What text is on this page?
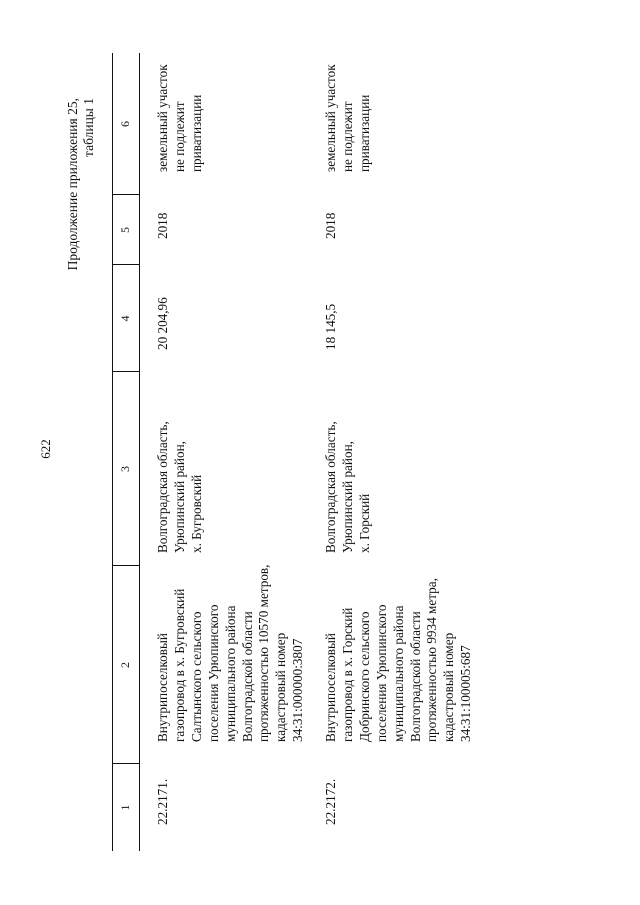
622
Продолжение приложения 25, таблицы 1
1
2
3
4
5
6
22.2171.
Внутрипоселковый
газопровод в х. Бугровский
Салтынского сельского
поселения Урюпинского
муниципального района
Волгоградской области
протяженностью 10570 метров,
кадастровый номер
34:31:000000:3807
Волгоградская область,
Урюпинский район,
х. Бугровский
20 204,96
2018
земельный участок
не подлежит
приватизации
22.2172.
Внутрипоселковый
газопровод в х. Горский
Добринского сельского
поселения Урюпинского
муниципального района
Волгоградской области
протяженностью 9934 метра,
кадастровый номер
34:31:100005:687
Волгоградская область,
Урюпинский район,
х. Горский
18 145,5
2018
земельный участок
не подлежит
приватизации
